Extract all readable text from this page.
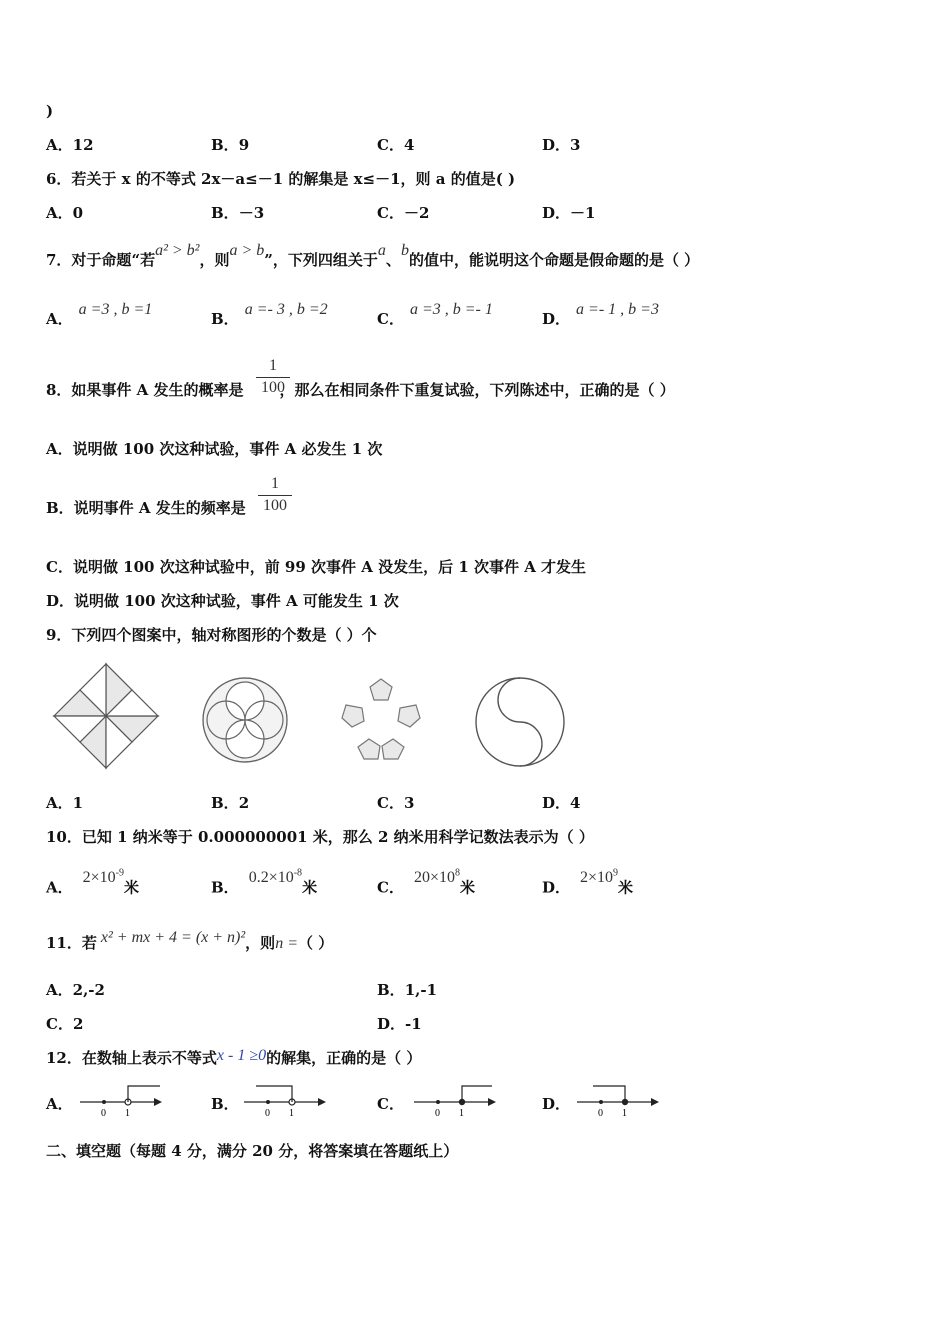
)
A．12	B．9	C．4	D．3
6．若关于 x 的不等式 2x－a≤－1 的解集是 x≤－1，则 a 的值是( )
A．0	B．－3	C．－2	D．－1
7．对于命题“若a² > b²，则a > b”，下列四组关于a、b的值中，能说明这个命题是假命题的是（ ）
A．a =3 , b =1
B．a =- 3 , b =2
C．a =3 , b =- 1
D．a =- 1 , b =3
8．如果事件 A 发生的概率是 ，那么在相同条件下重复试验，下列陈述中，正确的是（ ）
$\frac{1}{100}$
A．说明做 100 次这种试验，事件 A 必发生 1 次
B．说明事件 A 发生的频率是 $\frac{1}{100}$
C．说明做 100 次这种试验中，前 99 次事件 A 没发生，后 1 次事件 A 才发生
D．说明做 100 次这种试验，事件 A 可能发生 1 次
9．下列四个图案中，轴对称图形的个数是（ ）个
A．1	B．2	C．3	D．4
10．已知 1 纳米等于 0.000000001 米，那么 2 纳米用科学记数法表示为（ ）
A．$2\times 10^{-9}$米	B．$0.2\times 10^{-8}$米	C．$20\times 10^8$米	D．$2\times 10^9$米
11．若 x² + mx + 4 = (x + n)²，则n =（ ）
A．2,-2	B．1,-1
C．2	D．-1
12．在数轴上表示不等式x - 1 ≥0的解集，正确的是（ ）
A．
0 1
B．
0 1
C．
0 1
D．
0 1
二、填空题（每题 4 分，满分 20 分，将答案填在答题纸上）
